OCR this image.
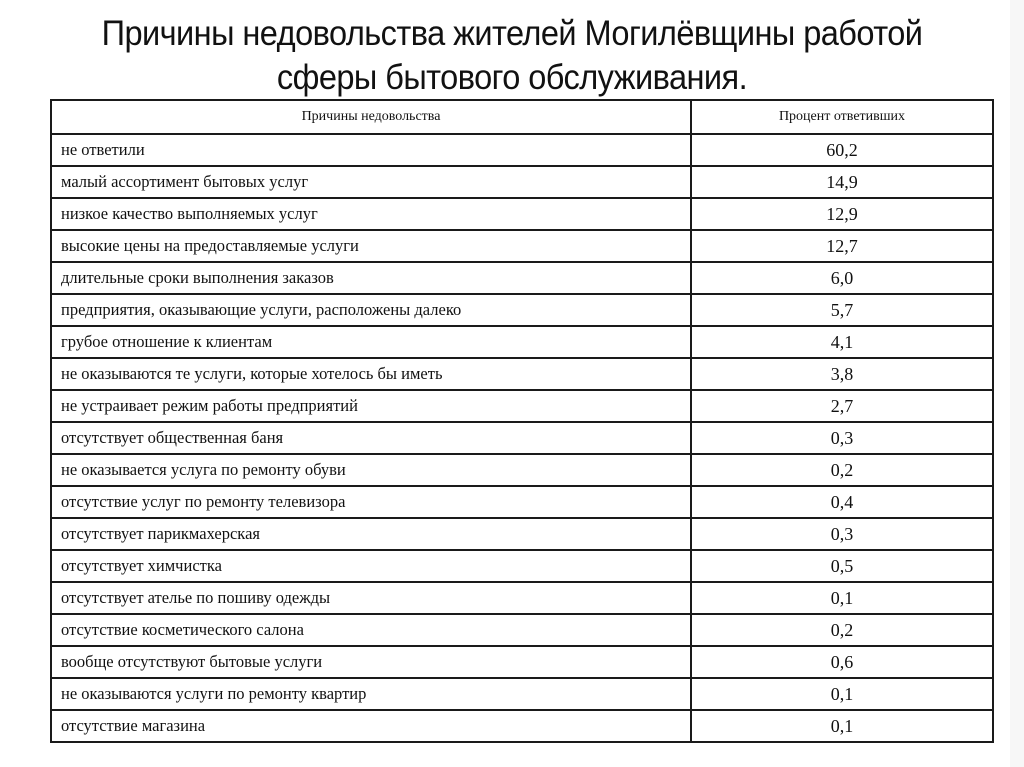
Причины недовольства жителей Могилёвщины работой
сферы бытового обслуживания.
Причины недовольства	Процент ответивших
не ответили	60,2
малый ассортимент бытовых услуг	14,9
низкое качество выполняемых услуг	12,9
высокие цены на предоставляемые услуги	12,7
длительные сроки выполнения заказов	6,0
предприятия, оказывающие услуги, расположены далеко	5,7
грубое отношение к клиентам	4,1
не оказываются те услуги, которые хотелось бы иметь	3,8
не устраивает режим работы предприятий	2,7
отсутствует общественная баня	0,3
не оказывается услуга по ремонту обуви	0,2
отсутствие услуг по ремонту телевизора	0,4
отсутствует парикмахерская	0,3
отсутствует химчистка	0,5
отсутствует ателье по пошиву одежды	0,1
отсутствие косметического салона	0,2
вообще отсутствуют бытовые услуги	0,6
не оказываются услуги по ремонту квартир	0,1
отсутствие магазина	0,1
